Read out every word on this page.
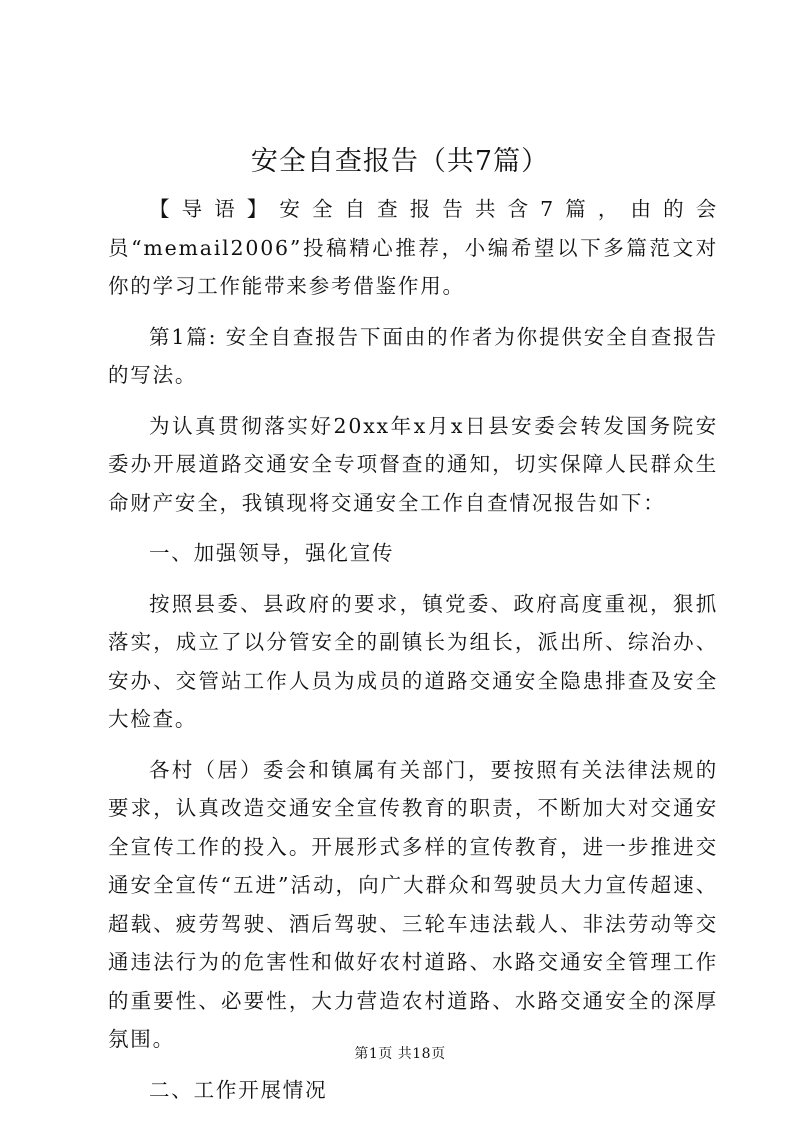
安全自查报告（共7篇）

【导语】安全自查报告共含7篇，由的会员“memail2006”投稿精心推荐，小编希望以下多篇范文对你的学习工作能带来参考借鉴作用。

第1篇: 安全自查报告下面由的作者为你提供安全自查报告的写法。

为认真贯彻落实好20xx年x月x日县安委会转发国务院安委办开展道路交通安全专项督查的通知，切实保障人民群众生命财产安全，我镇现将交通安全工作自查情况报告如下：

一、加强领导，强化宣传

按照县委、县政府的要求，镇党委、政府高度重视，狠抓落实，成立了以分管安全的副镇长为组长，派出所、综治办、安办、交管站工作人员为成员的道路交通安全隐患排查及安全大检查。

各村（居）委会和镇属有关部门，要按照有关法律法规的要求，认真改造交通安全宣传教育的职责，不断加大对交通安全宣传工作的投入。开展形式多样的宣传教育，进一步推进交通安全宣传“五进”活动，向广大群众和驾驶员大力宣传超速、超载、疲劳驾驶、酒后驾驶、三轮车违法载人、非法劳动等交通违法行为的危害性和做好农村道路、水路交通安全管理工作的重要性、必要性，大力营造农村道路、水路交通安全的深厚氛围。

二、工作开展情况

第1页 共18页
